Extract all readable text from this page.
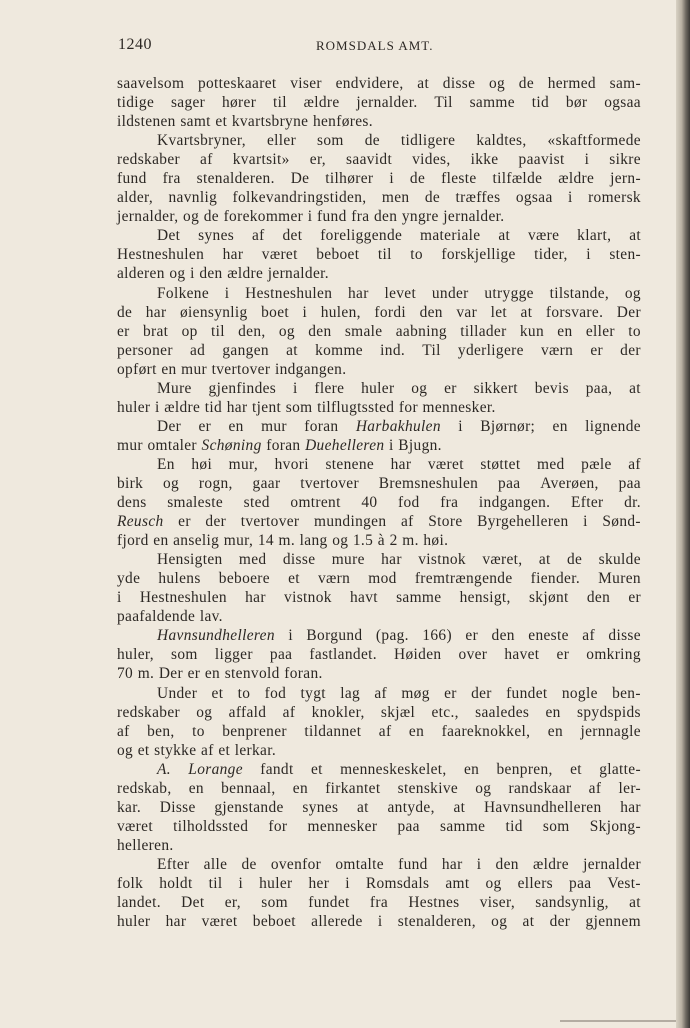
1240	ROMSDALS AMT.
saavelsom potteskaaret viser endvidere, at disse og de hermed sam-
tidige sager hører til ældre jernalder. Til samme tid bør ogsaa
ildstenen samt et kvartsbryne henføres.
Kvartsbryner, eller som de tidligere kaldtes, «skaftformede
redskaber af kvartsit» er, saavidt vides, ikke paavist i sikre
fund fra stenalderen. De tilhører i de fleste tilfælde ældre jern-
alder, navnlig folkevandringstiden, men de træffes ogsaa i romersk
jernalder, og de forekommer i fund fra den yngre jernalder.
Det synes af det foreliggende materiale at være klart, at
Hestneshulen har været beboet til to forskjellige tider, i sten-
alderen og i den ældre jernalder.
Folkene i Hestneshulen har levet under utrygge tilstande, og
de har øiensynlig boet i hulen, fordi den var let at forsvare. Der
er brat op til den, og den smale aabning tillader kun en eller to
personer ad gangen at komme ind. Til yderligere værn er der
opført en mur tvertover indgangen.
Mure gjenfindes i flere huler og er sikkert bevis paa, at
huler i ældre tid har tjent som tilflugtssted for mennesker.
Der er en mur foran Harbakhulen i Bjørnør; en lignende
mur omtaler Schøning foran Duehelleren i Bjugn.
En høi mur, hvori stenene har været støttet med pæle af
birk og rogn, gaar tvertover Bremsneshulen paa Averøen, paa
dens smaleste sted omtrent 40 fod fra indgangen. Efter dr.
Reusch er der tvertover mundingen af Store Byrgehelleren i Sønd-
fjord en anselig mur, 14 m. lang og 1.5 à 2 m. høi.
Hensigten med disse mure har vistnok været, at de skulde
yde hulens beboere et værn mod fremtrængende fiender. Muren
i Hestneshulen har vistnok havt samme hensigt, skjønt den er
paafaldende lav.
Havnsundhelleren i Borgund (pag. 166) er den eneste af disse
huler, som ligger paa fastlandet. Høiden over havet er omkring
70 m. Der er en stenvold foran.
Under et to fod tygt lag af møg er der fundet nogle ben-
redskaber og affald af knokler, skjæl etc., saaledes en spydspids
af ben, to benprener tildannet af en faareknokkel, en jernnagle
og et stykke af et lerkar.
A. Lorange fandt et menneskeskelet, en benpren, et glatte-
redskab, en bennaal, en firkantet stenskive og randskaar af ler-
kar. Disse gjenstande synes at antyde, at Havnsundhelleren har
været tilholdssted for mennesker paa samme tid som Skjong-
helleren.
Efter alle de ovenfor omtalte fund har i den ældre jernalder
folk holdt til i huler her i Romsdals amt og ellers paa Vest-
landet. Det er, som fundet fra Hestnes viser, sandsynlig, at
huler har været beboet allerede i stenalderen, og at der gjennem
